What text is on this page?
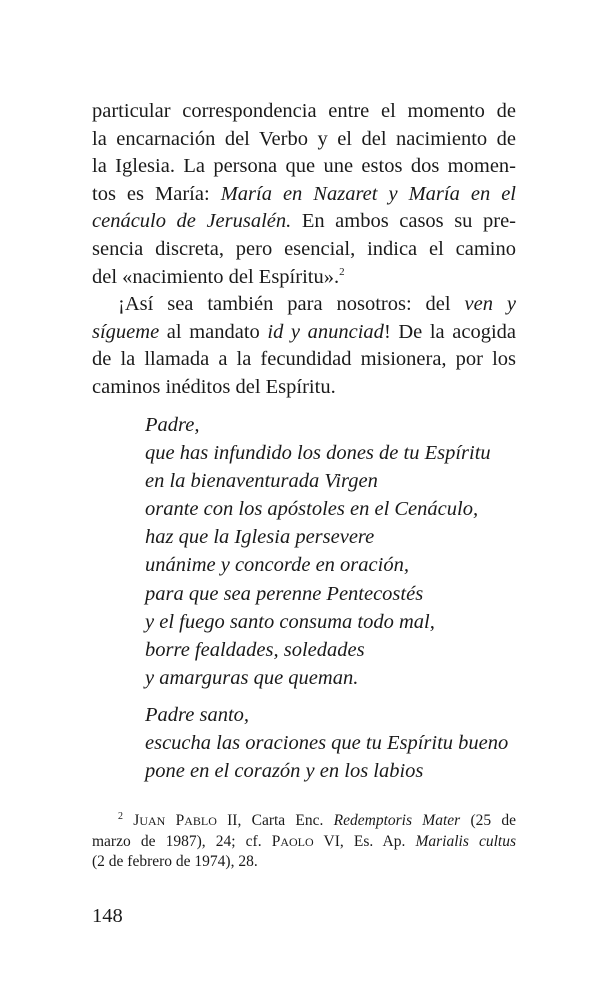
particular correspondencia entre el momento de
la encarnación del Verbo y el del nacimiento de
la Iglesia. La persona que une estos dos momen-
tos es María: María en Nazaret y María en el
cenáculo de Jerusalén. En ambos casos su pre-
sencia discreta, pero esencial, indica el camino
del «nacimiento del Espíritu».$^2$
¡Así sea también para nosotros: del ven y
sígueme al mandato id y anunciad! De la acogida
de la llamada a la fecundidad misionera, por los
caminos inéditos del Espíritu.
Padre,
que has infundido los dones de tu Espíritu
en la bienaventurada Virgen
orante con los apóstoles en el Cenáculo,
haz que la Iglesia persevere
unánime y concorde en oración,
para que sea perenne Pentecostés
y el fuego santo consuma todo mal,
borre fealdades, soledades
y amarguras que queman.
Padre santo,
escucha las oraciones que tu Espíritu bueno
pone en el corazón y en los labios
$^2$ JUAN PABLO II, Carta Enc. Redemptoris Mater (25 de
marzo de 1987), 24; cf. PAOLO VI, Es. Ap. Marialis cultus
(2 de febrero de 1974), 28.
148
